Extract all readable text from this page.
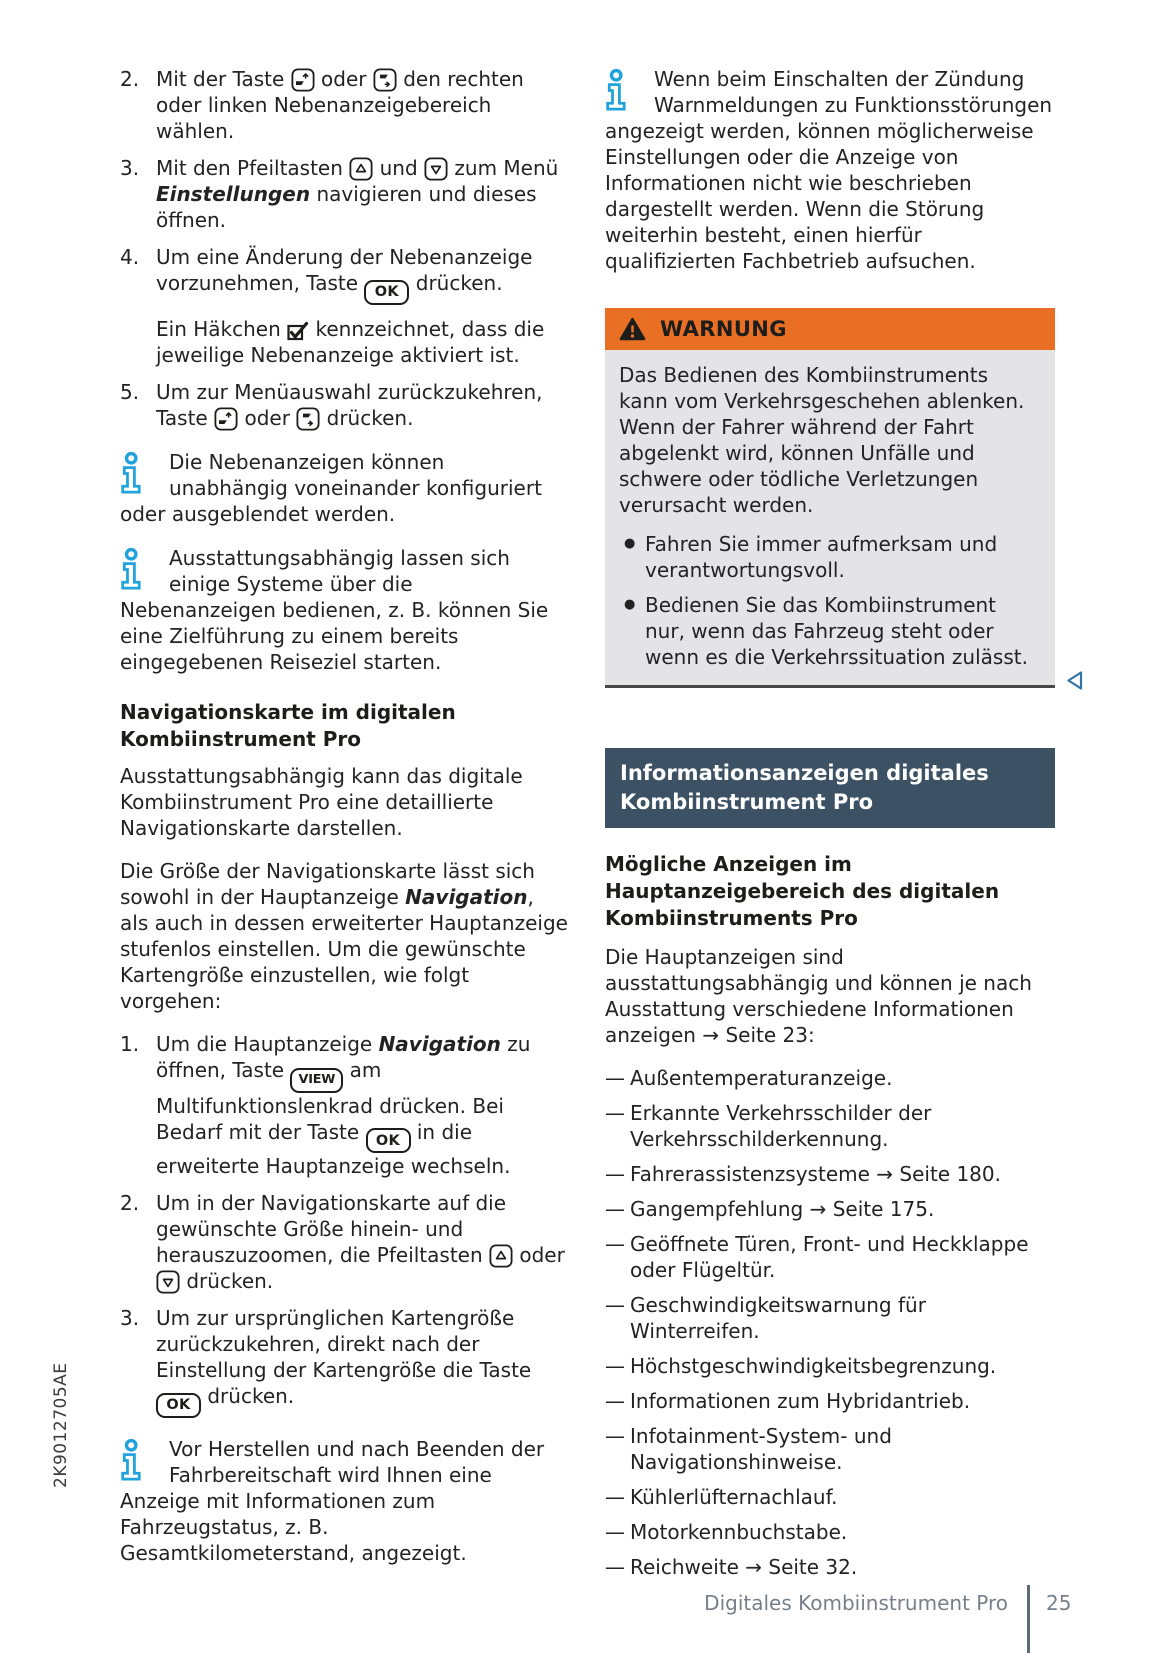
2. Mit der Taste
oder
den rechten oder linken Nebenanzeigebereich wählen.
3. Mit den Pfeiltasten
und
zum Menü Einstellungen navigieren und dieses öffnen.
4. Um eine Änderung der Nebenanzeige vorzunehmen, Taste OK drücken.
Ein Häkchen
kennzeichnet, dass die jeweilige Nebenanzeige aktiviert ist.
5. Um zur Menüauswahl zurückzukehren, Taste
oder
drücken.
Die Nebenanzeigen können unabhängig voneinander konfiguriert oder ausgeblendet werden.
Ausstattungsabhängig lassen sich einige Systeme über die Nebenanzeigen bedienen, z. B. können Sie eine Zielführung zu einem bereits eingegebenen Reiseziel starten.
Navigationskarte im digitalen Kombiinstrument Pro

Ausstattungsabhängig kann das digitale Kombiinstrument Pro eine detaillierte Navigationskarte darstellen.

Die Größe der Navigationskarte lässt sich sowohl in der Hauptanzeige Navigation, als auch in dessen erweiterter Hauptanzeige stufenlos einstellen. Um die gewünschte Kartengröße einzustellen, wie folgt vorgehen:

1. Um die Hauptanzeige Navigation zu öffnen, Taste VIEW am Multifunktionslenkrad drücken. Bei Bedarf mit der Taste OK in die erweiterte Hauptanzeige wechseln.
2. Um in der Navigationskarte auf die gewünschte Größe hinein- und herauszuzoomen, die Pfeiltasten
oder
drücken.
3. Um zur ursprünglichen Kartengröße zurückzukehren, direkt nach der Einstellung der Kartengröße die Taste OK drücken.
Vor Herstellen und nach Beenden der Fahrbereitschaft wird Ihnen eine Anzeige mit Informationen zum Fahrzeugstatus, z. B. Gesamtkilometerstand, angezeigt.
Wenn beim Einschalten der Zündung Warnmeldungen zu Funktionsstörungen angezeigt werden, können möglicherweise Einstellungen oder die Anzeige von Informationen nicht wie beschrieben dargestellt werden. Wenn die Störung weiterhin besteht, einen hierfür qualifizierten Fachbetrieb aufsuchen.
WARNUNG

Das Bedienen des Kombiinstruments kann vom Verkehrsgeschehen ablenken. Wenn der Fahrer während der Fahrt abgelenkt wird, können Unfälle und schwere oder tödliche Verletzungen verursacht werden.

● Fahren Sie immer aufmerksam und verantwortungsvoll.
● Bedienen Sie das Kombiinstrument nur, wenn das Fahrzeug steht oder wenn es die Verkehrssituation zulässt.
Informationsanzeigen digitales Kombiinstrument Pro
Mögliche Anzeigen im Hauptanzeigebereich des digitalen Kombiinstruments Pro

Die Hauptanzeigen sind ausstattungsabhängig und können je nach Ausstattung verschiedene Informationen anzeigen → Seite 23:

— Außentemperaturanzeige.
— Erkannte Verkehrsschilder der Verkehrsschilderkennung.
— Fahrerassistenzsysteme → Seite 180.
— Gangempfehlung → Seite 175.
— Geöffnete Türen, Front- und Heckklappe oder Flügeltür.
— Geschwindigkeitswarnung für Winterreifen.
— Höchstgeschwindigkeitsbegrenzung.
— Informationen zum Hybridantrieb.
— Infotainment-System- und Navigationshinweise.
— Kühlerlüfternachlauf.
— Motorkennbuchstabe.
— Reichweite → Seite 32.
2K9012705AE
Digitales Kombiinstrument Pro 25
